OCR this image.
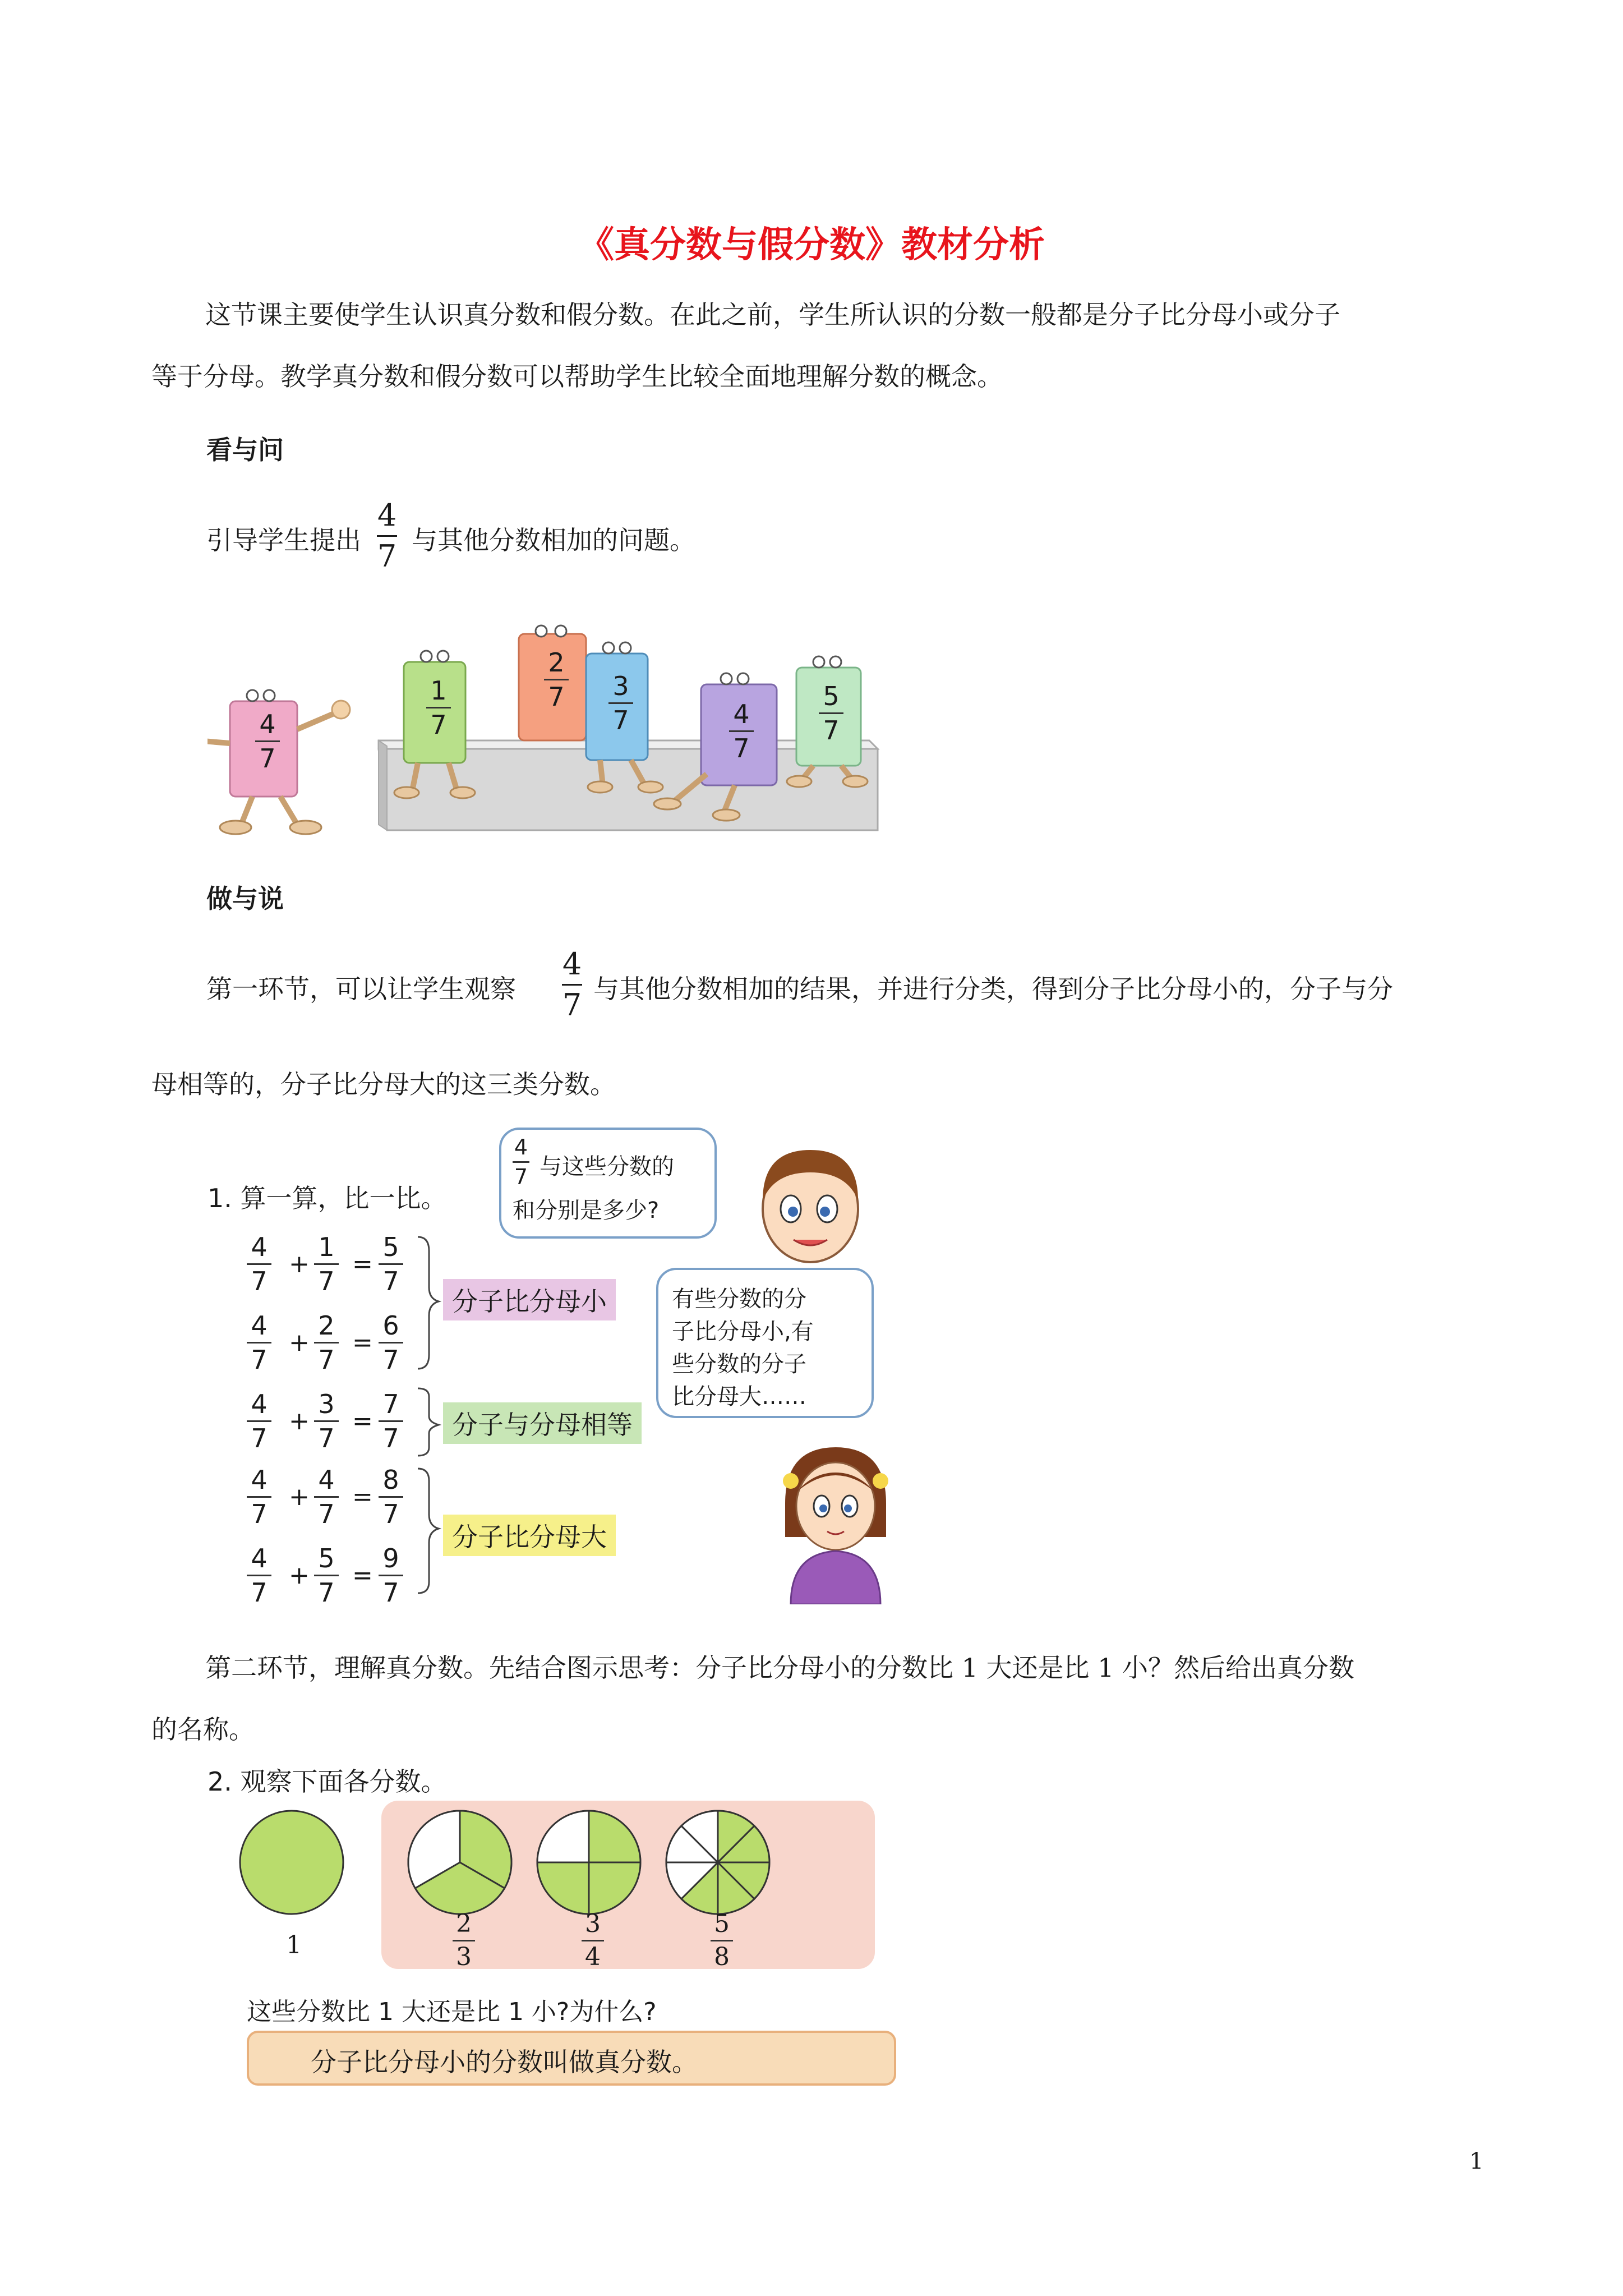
《真分数与假分数》教材分析
这节课主要使学生认识真分数和假分数。在此之前，学生所认识的分数一般都是分子比分母小或分子
等于分母。教学真分数和假分数可以帮助学生比较全面地理解分数的概念。
看与问
引导学生提出
4
7 与其他分数相加的问题。
4
7
1
7
2
7 3
7	4
7
5
7
做与说
第一环节，可以让学生观察
4
7 与其他分数相加的结果，并进行分类，得到分子比分母小的，分子与分
母相等的，分子比分母大的这三类分数。
1. 算一算，比一比。
4
7
+
1
7
=
5
7
4
7
+
2
7
=
6
7
4
7
+
3
7
=
7
7
4
7
+
4
7
=
8
7
4
7
+
5
7
=
9
7
分子比分母小
分子与分母相等
分子比分母大
4
7 与这些分数的
和分别是多少?
有些分数的分
子比分母小,有
些分数的分子
比分母大……
第二环节，理解真分数。先结合图示思考：分子比分母小的分数比 1 大还是比 1 小？然后给出真分数
的名称。
2. 观察下面各分数。
1
2
3
3
4
5
8
这些分数比 1 大还是比 1 小?为什么?
分子比分母小的分数叫做真分数。
1
